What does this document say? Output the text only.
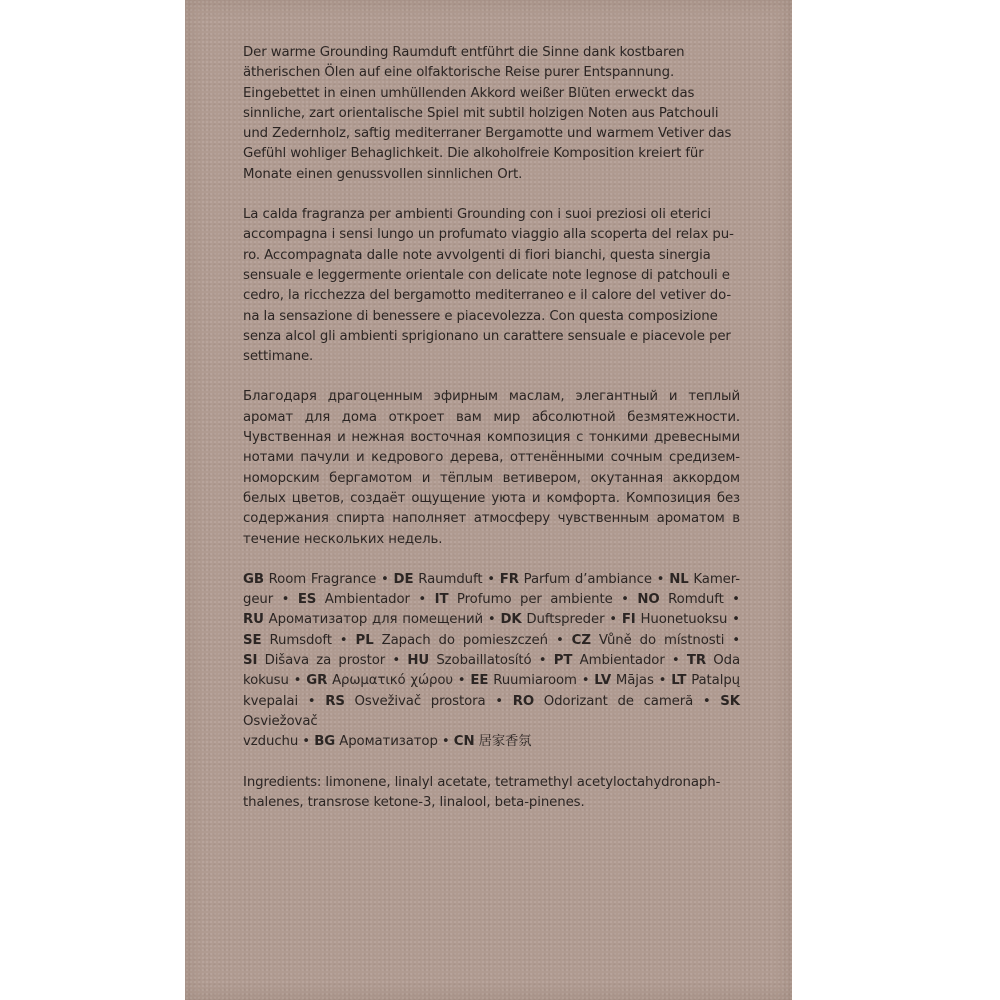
Der warme Grounding Raumduft entführt die Sinne dank kostbaren
ätherischen Ölen auf eine olfaktorische Reise purer Entspannung.
Eingebettet in einen umhüllenden Akkord weißer Blüten erweckt das
sinnliche, zart orientalische Spiel mit subtil holzigen Noten aus Patchouli
und Zedernholz, saftig mediterraner Bergamotte und warmem Vetiver das
Gefühl wohliger Behaglichkeit. Die alkoholfreie Komposition kreiert für
Monate einen genussvollen sinnlichen Ort.
La calda fragranza per ambienti Grounding con i suoi preziosi oli eterici
accompagna i sensi lungo un profumato viaggio alla scoperta del relax pu-
ro. Accompagnata dalle note avvolgenti di fiori bianchi, questa sinergia
sensuale e leggermente orientale con delicate note legnose di patchouli e
cedro, la ricchezza del bergamotto mediterraneo e il calore del vetiver do-
na la sensazione di benessere e piacevolezza. Con questa composizione
senza alcol gli ambienti sprigionano un carattere sensuale e piacevole per
settimane.
Благодаря драгоценным эфирным маслам, элегантный и теплый
аромат для дома откроет вам мир абсолютной безмятежности.
Чувственная и нежная восточная композиция с тонкими древесными
нотами пачули и кедрового дерева, оттенёнными сочным средизем-
номорским бергамотом и тёплым ветивером, окутанная аккордом
белых цветов, создаёт ощущение уюта и комфорта. Композиция без
содержания спирта наполняет атмосферу чувственным ароматом в
течение нескольких недель.
GB Room Fragrance • DE Raumduft • FR Parfum d’ambiance • NL Kamer-
geur • ES Ambientador • IT Profumo per ambiente • NO Romduft •
RU Ароматизатор для помещений • DK Duftspreder • FI Huonetuoksu •
SE Rumsdoft • PL Zapach do pomieszczeń • CZ Vůně do místnosti •
SI Dišava za prostor • HU Szobaillatosító • PT Ambientador • TR Oda
kokusu • GR Αρωματικό χώρου • EE Ruumiaroom • LV Mājas • LT Patalpų
kvepalai • RS Osveživač prostora • RO Odorizant de cameră • SK Osviežovač
vzduchu • BG Ароматизатор • CN 居家香氛
Ingredients: limonene, linalyl acetate, tetramethyl acetyloctahydronaph-
thalenes, transrose ketone-3, linalool, beta-pinenes.
